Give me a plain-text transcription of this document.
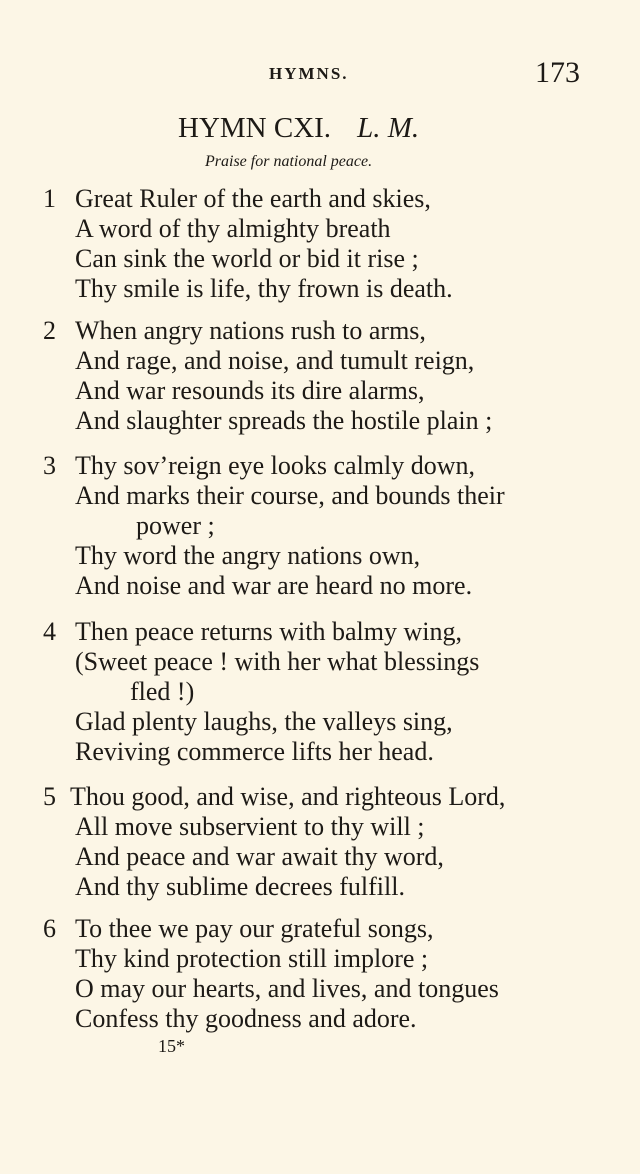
HYMNS.	173
HYMN CXI. L. M.
Praise for national peace.
1 Great Ruler of the earth and skies,
A word of thy almighty breath
Can sink the world or bid it rise ;
Thy smile is life, thy frown is death.
2 When angry nations rush to arms,
And rage, and noise, and tumult reign,
And war resounds its dire alarms,
And slaughter spreads the hostile plain ;
3 Thy sov’reign eye looks calmly down,
And marks their course, and bounds their
power ;
Thy word the angry nations own,
And noise and war are heard no more.
4 Then peace returns with balmy wing,
(Sweet peace ! with her what blessings
fled !)
Glad plenty laughs, the valleys sing,
Reviving commerce lifts her head.
5 Thou good, and wise, and righteous Lord,
All move subservient to thy will ;
And peace and war await thy word,
And thy sublime decrees fulfill.
6 To thee we pay our grateful songs,
Thy kind protection still implore ;
O may our hearts, and lives, and tongues
Confess thy goodness and adore.
15*
